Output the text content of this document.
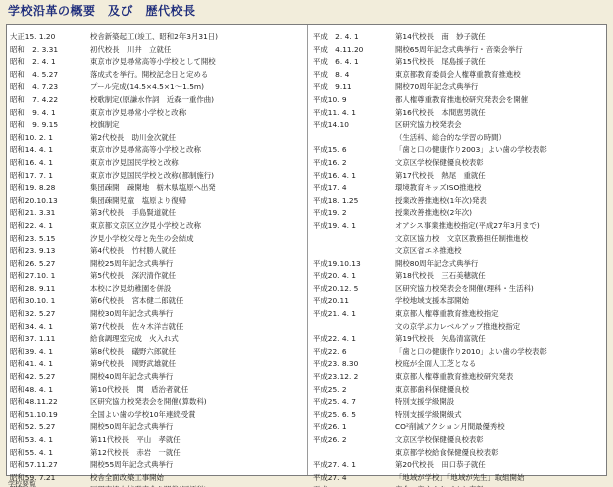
学校沿革の概要　及び　歴代校長
大正15. 1.20	校舎新築起工(竣工、昭和2年3月31日)
昭和　2. 3.31	初代校長　川井　立就任
昭和　2. 4. 1	東京市汐見尋常高等小学校として開校
昭和　4. 5.27	落成式を挙行。開校記念日と定める
昭和　4. 7.23	プール完成(14.5×4.5×1～1.5m)
昭和　7. 4.22	校歌制定(原謙水作詞　近森一重作曲)
昭和　9. 4. 1	東京市汐見尋常小学校と改称
昭和　9. 9.15	校旗制定
昭和10. 2. 1	第2代校長　助川金次就任
昭和14. 4. 1	東京市汐見尋常高等小学校と改称
昭和16. 4. 1	東京市汐見国民学校と改称
昭和17. 7. 1	東京市汐見国民学校と改称(都制施行)
昭和19. 8.28	集団疎開　疎開地　栃木県塩原へ出発
昭和20.10.13	集団疎開児童　塩原より復帰
昭和21. 3.31	第3代校長　手島賢道就任
昭和22. 4. 1	東京都文京区立汐見小学校と改称
昭和23. 5.15	汐見小学校父母と先生の会結成
昭和23. 9.13	第4代校長　竹村勝人就任
昭和26. 5.27	開校25周年記念式典挙行
昭和27.10. 1	第5代校長　深沢清作就任
昭和28. 9.11	本校に汐見幼稚園を併設
昭和30.10. 1	第6代校長　宮本健二郎就任
昭和32. 5.27	開校30周年記念式典挙行
昭和34. 4. 1	第7代校長　佐々木洋吉就任
昭和37. 1.11	給食調理室完成　火入れ式
昭和39. 4. 1	第8代校長　礒野六郎就任
昭和41. 4. 1	第9代校長　岡野武雄就任
昭和42. 5.27	開校40周年記念式典挙行
昭和48. 4. 1	第10代校長　関　盾治者就任
昭和48.11.22	区研究協力校発表会を開催(算数科)
昭和51.10.19	全国よい歯の学校10年連続受賞
昭和52. 5.27	開校50周年記念式典挙行
昭和53. 4. 1	第11代校長　平山　孝就任
昭和55. 4. 1	第12代校長　赤岩　一就任
昭和57.11.27	開校55周年記念式典挙行
昭和59. 7.21	校舎全面改築工事開始
平成　2. 4. 1	第14代校長　南　妙子就任
平成　4.11.20	開校65周年記念式典挙行・音楽会挙行
平成　6. 4. 1	第15代校長　尾島援子就任
平成　8. 4	東京都教育委員会人権尊重教育推進校
平成　9.11	開校70周年記念式典挙行
平成10. 9	都人権尊重教育推進校研究発表会を開催
平成11. 4. 1	第16代校長　本間恵男就任
平成14.10	区研究協力校発表会
（生活科、総合的な学習の時間）
平成15. 6	「歯と口の健康作り2003」よい歯の学校表彰
平成16. 2	文京区学校保健優良校表彰
平成16. 4. 1	第17代校長　熱尾　重就任
平成17. 4	環境教育キッズISO推進校
平成18. 1.25	授業改善推進校(1年次)発表
平成19. 2	授業改善推進校(2年次)
平成19. 4. 1	オアシス事業推進校指定(平成27年3月まで)
文京区協力校　文京区教務担任制推進校
文京区省エネ推進校
平成19.10.13	開校80周年記念式典挙行
平成20. 4. 1	第18代校長　三石美穂就任
平成20.12. 5	区研究協力校発表会を開催(理科・生活科)
平成20.11	学校地域支援本部開始
平成21. 4. 1	東京都人権尊重教育推進校指定
文の京学ぶ力レベルアップ推進校指定
平成22. 4. 1	第19代校長　矢島清富就任
平成22. 6	「歯と口の健康作り2010」よい歯の学校表彰
平成23. 8.30	校庭が全面人工芝となる
平成23.12. 2	東京都人権尊重教育推進校研究発表
平成25. 2	東京都歯科保健優良校
平成25. 4. 7	特別支援学級開設
平成25. 6. 5	特別支援学級開級式
平成26. 1	CO²削減アクション月間最優秀校
平成26. 2	文京区学校保健優良校表彰
東京都学校給食保健優良校表彰
平成27. 4. 1	第20代校長　田口恭子就任
平成27. 4	「地域が学校」「地域が先生」取組開始
学校要覧
